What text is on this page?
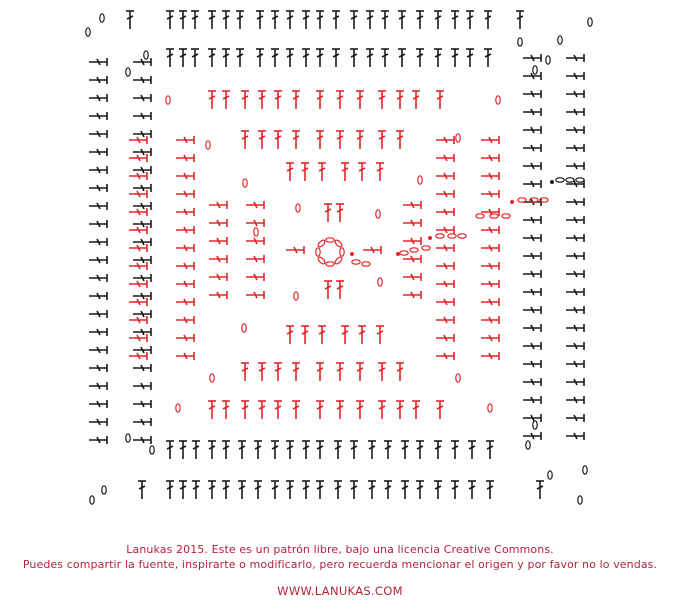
Lanukas 2015. Este es un patrón libre, bajo una licencia Creative Commons.
Puedes compartir la fuente, inspirarte o modificarlo, pero recuerda mencionar el origen y por favor no lo vendas.
WWW.LANUKAS.COM
